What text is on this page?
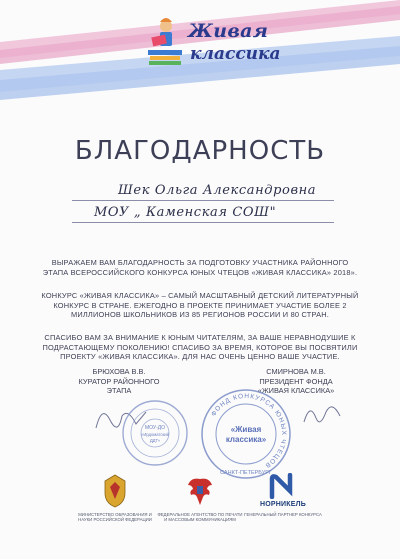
Живая
классика
БЛАГОДАРНОСТЬ
Шек Ольга Александровна
МОУ „ Каменская СОШ"
ВЫРАЖАЕМ ВАМ БЛАГОДАРНОСТЬ ЗА ПОДГОТОВКУ УЧАСТНИКА РАЙОННОГО ЭТАПА ВСЕРОССИЙСКОГО КОНКУРСА ЮНЫХ ЧТЕЦОВ «ЖИВАЯ КЛАССИКА» 2018».
КОНКУРС «ЖИВАЯ КЛАССИКА» – САМЫЙ МАСШТАБНЫЙ ДЕТСКИЙ ЛИТЕРАТУРНЫЙ КОНКУРС В СТРАНЕ. ЕЖЕГОДНО В ПРОЕКТЕ ПРИНИМАЕТ УЧАСТИЕ БОЛЕЕ 2 МИЛЛИОНОВ ШКОЛЬНИКОВ ИЗ 85 РЕГИОНОВ РОССИИ И 80 СТРАН.
СПАСИБО ВАМ ЗА ВНИМАНИЕ К ЮНЫМ ЧИТАТЕЛЯМ, ЗА ВАШЕ НЕРАВНОДУШИЕ К ПОДРАСТАЮЩЕМУ ПОКОЛЕНИЮ! СПАСИБО ЗА ВРЕМЯ, КОТОРОЕ ВЫ ПОСВЯТИЛИ ПРОЕКТУ «ЖИВАЯ КЛАССИКА». ДЛЯ НАС ОЧЕНЬ ЦЕННО ВАШЕ УЧАСТИЕ.
БРЮХОВА В.В.
КУРАТОР РАЙОННОГО
ЭТАПА
СМИРНОВА М.В.
ПРЕЗИДЕНТ ФОНДА
«ЖИВАЯ КЛАССИКА»
МОУ-ДО
«Ирдоматский
ДДТ»
ФОНД КОНКУРСА ЮНЫХ ЧТЕЦОВ
«Живая
классика»
САНКТ-ПЕТЕРБУРГ
МИНИСТЕРСТВО ОБРАЗОВАНИЯ И НАУКИ РОССИЙСКОЙ ФЕДЕРАЦИИ
ФЕДЕРАЛЬНОЕ АГЕНТСТВО ПО ПЕЧАТИ И МАССОВЫМ КОММУНИКАЦИЯМ
НОРНИКЕЛЬ
ГЕНЕРАЛЬНЫЙ ПАРТНЕР КОНКУРСА
